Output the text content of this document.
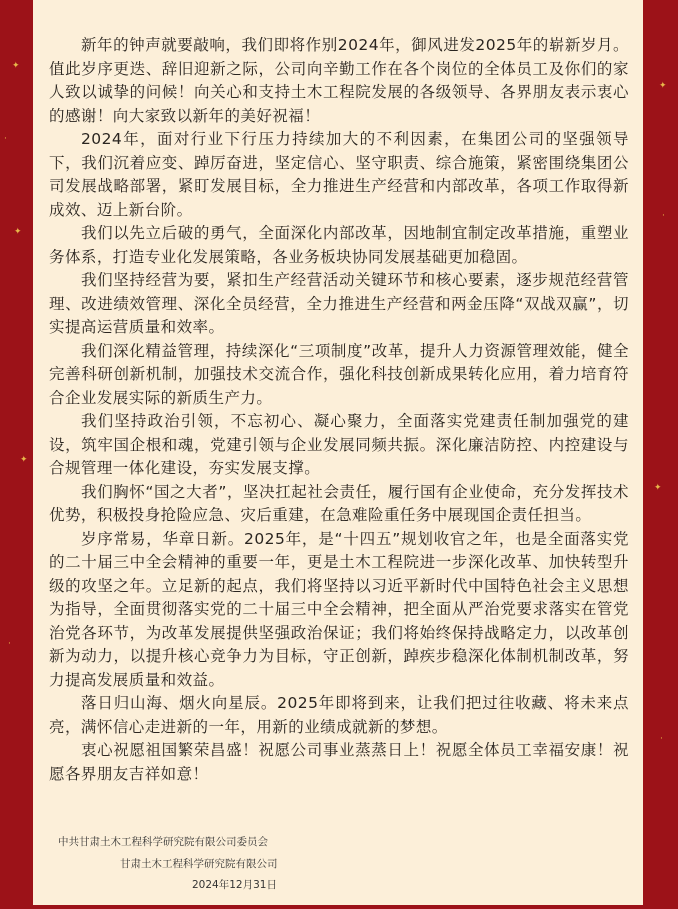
✦
·
✦
✦
·
✦
·
✦
·

新年的钟声就要敲响，我们即将作别2024年，御风进发2025年的崭新岁月。值此岁序更迭、辞旧迎新之际，公司向辛勤工作在各个岗位的全体员工及你们的家人致以诚挚的问候！向关心和支持土木工程院发展的各级领导、各界朋友表示衷心的感谢！向大家致以新年的美好祝福！

2024年，面对行业下行压力持续加大的不利因素，在集团公司的坚强领导下，我们沉着应变、踔厉奋进，坚定信心、坚守职责、综合施策，紧密围绕集团公司发展战略部署，紧盯发展目标，全力推进生产经营和内部改革，各项工作取得新成效、迈上新台阶。

我们以先立后破的勇气，全面深化内部改革，因地制宜制定改革措施，重塑业务体系，打造专业化发展策略，各业务板块协同发展基础更加稳固。

我们坚持经营为要，紧扣生产经营活动关键环节和核心要素，逐步规范经营管理、改进绩效管理、深化全员经营，全力推进生产经营和两金压降“双战双赢”，切实提高运营质量和效率。

我们深化精益管理，持续深化“三项制度”改革，提升人力资源管理效能，健全完善科研创新机制，加强技术交流合作，强化科技创新成果转化应用，着力培育符合企业发展实际的新质生产力。

我们坚持政治引领，不忘初心、凝心聚力，全面落实党建责任制加强党的建设，筑牢国企根和魂，党建引领与企业发展同频共振。深化廉洁防控、内控建设与合规管理一体化建设，夯实发展支撑。

我们胸怀“国之大者”，坚决扛起社会责任，履行国有企业使命，充分发挥技术优势，积极投身抢险应急、灾后重建，在急难险重任务中展现国企责任担当。

岁序常易，华章日新。2025年，是“十四五”规划收官之年，也是全面落实党的二十届三中全会精神的重要一年，更是土木工程院进一步深化改革、加快转型升级的攻坚之年。立足新的起点，我们将坚持以习近平新时代中国特色社会主义思想为指导，全面贯彻落实党的二十届三中全会精神，把全面从严治党要求落实在管党治党各环节，为改革发展提供坚强政治保证；我们将始终保持战略定力，以改革创新为动力，以提升核心竞争力为目标，守正创新，踔疾步稳深化体制机制改革，努力提高发展质量和效益。

落日归山海、烟火向星辰。2025年即将到来，让我们把过往收藏、将未来点亮，满怀信心走进新的一年，用新的业绩成就新的梦想。

衷心祝愿祖国繁荣昌盛！祝愿公司事业蒸蒸日上！祝愿全体员工幸福安康！祝愿各界朋友吉祥如意！

中共甘肃土木工程科学研究院有限公司委员会
甘肃土木工程科学研究院有限公司
2024年12月31日
